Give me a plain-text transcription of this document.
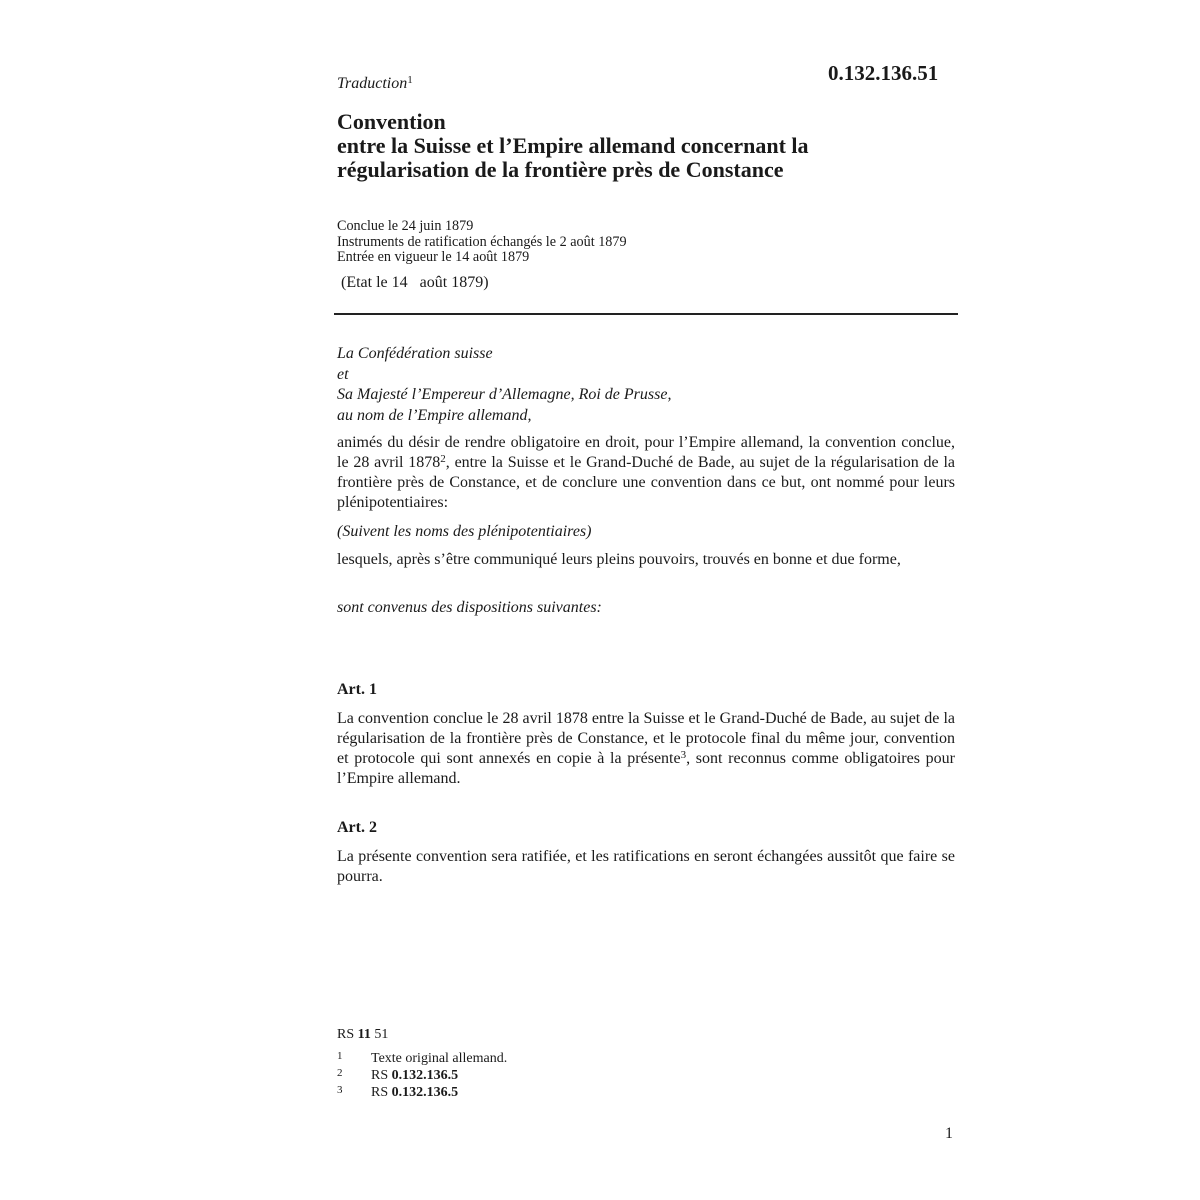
Traduction$^1$	0.132.136.51
Convention
entre la Suisse et l’Empire allemand concernant la
régularisation de la frontière près de Constance
Conclue le 24 juin 1879
Instruments de ratification échangés le 2 août 1879
Entrée en vigueur le 14 août 1879
(Etat le 14   août 1879)
La Confédération suisse
et
Sa Majesté l’Empereur d’Allemagne, Roi de Prusse,
au nom de l’Empire allemand,
animés du désir de rendre obligatoire en droit, pour l’Empire allemand, la convention conclue, le 28 avril 1878$^2$, entre la Suisse et le Grand-Duché de Bade, au sujet de la régularisation de la frontière près de Constance, et de conclure une convention dans ce but, ont nommé pour leurs plénipotentiaires:
(Suivent les noms des plénipotentiaires)
lesquels, après s’être communiqué leurs pleins pouvoirs, trouvés en bonne et due forme,
sont convenus des dispositions suivantes:
Art. 1
La convention conclue le 28 avril 1878 entre la Suisse et le Grand-Duché de Bade, au sujet de la régularisation de la frontière près de Constance, et le protocole final du même jour, convention et protocole qui sont annexés en copie à la présente$^3$, sont reconnus comme obligatoires pour l’Empire allemand.
Art. 2
La présente convention sera ratifiée, et les ratifications en seront échangées aussitôt que faire se pourra.
RS 11 51
1 Texte original allemand.
2 RS 0.132.136.5
3 RS 0.132.136.5
1
